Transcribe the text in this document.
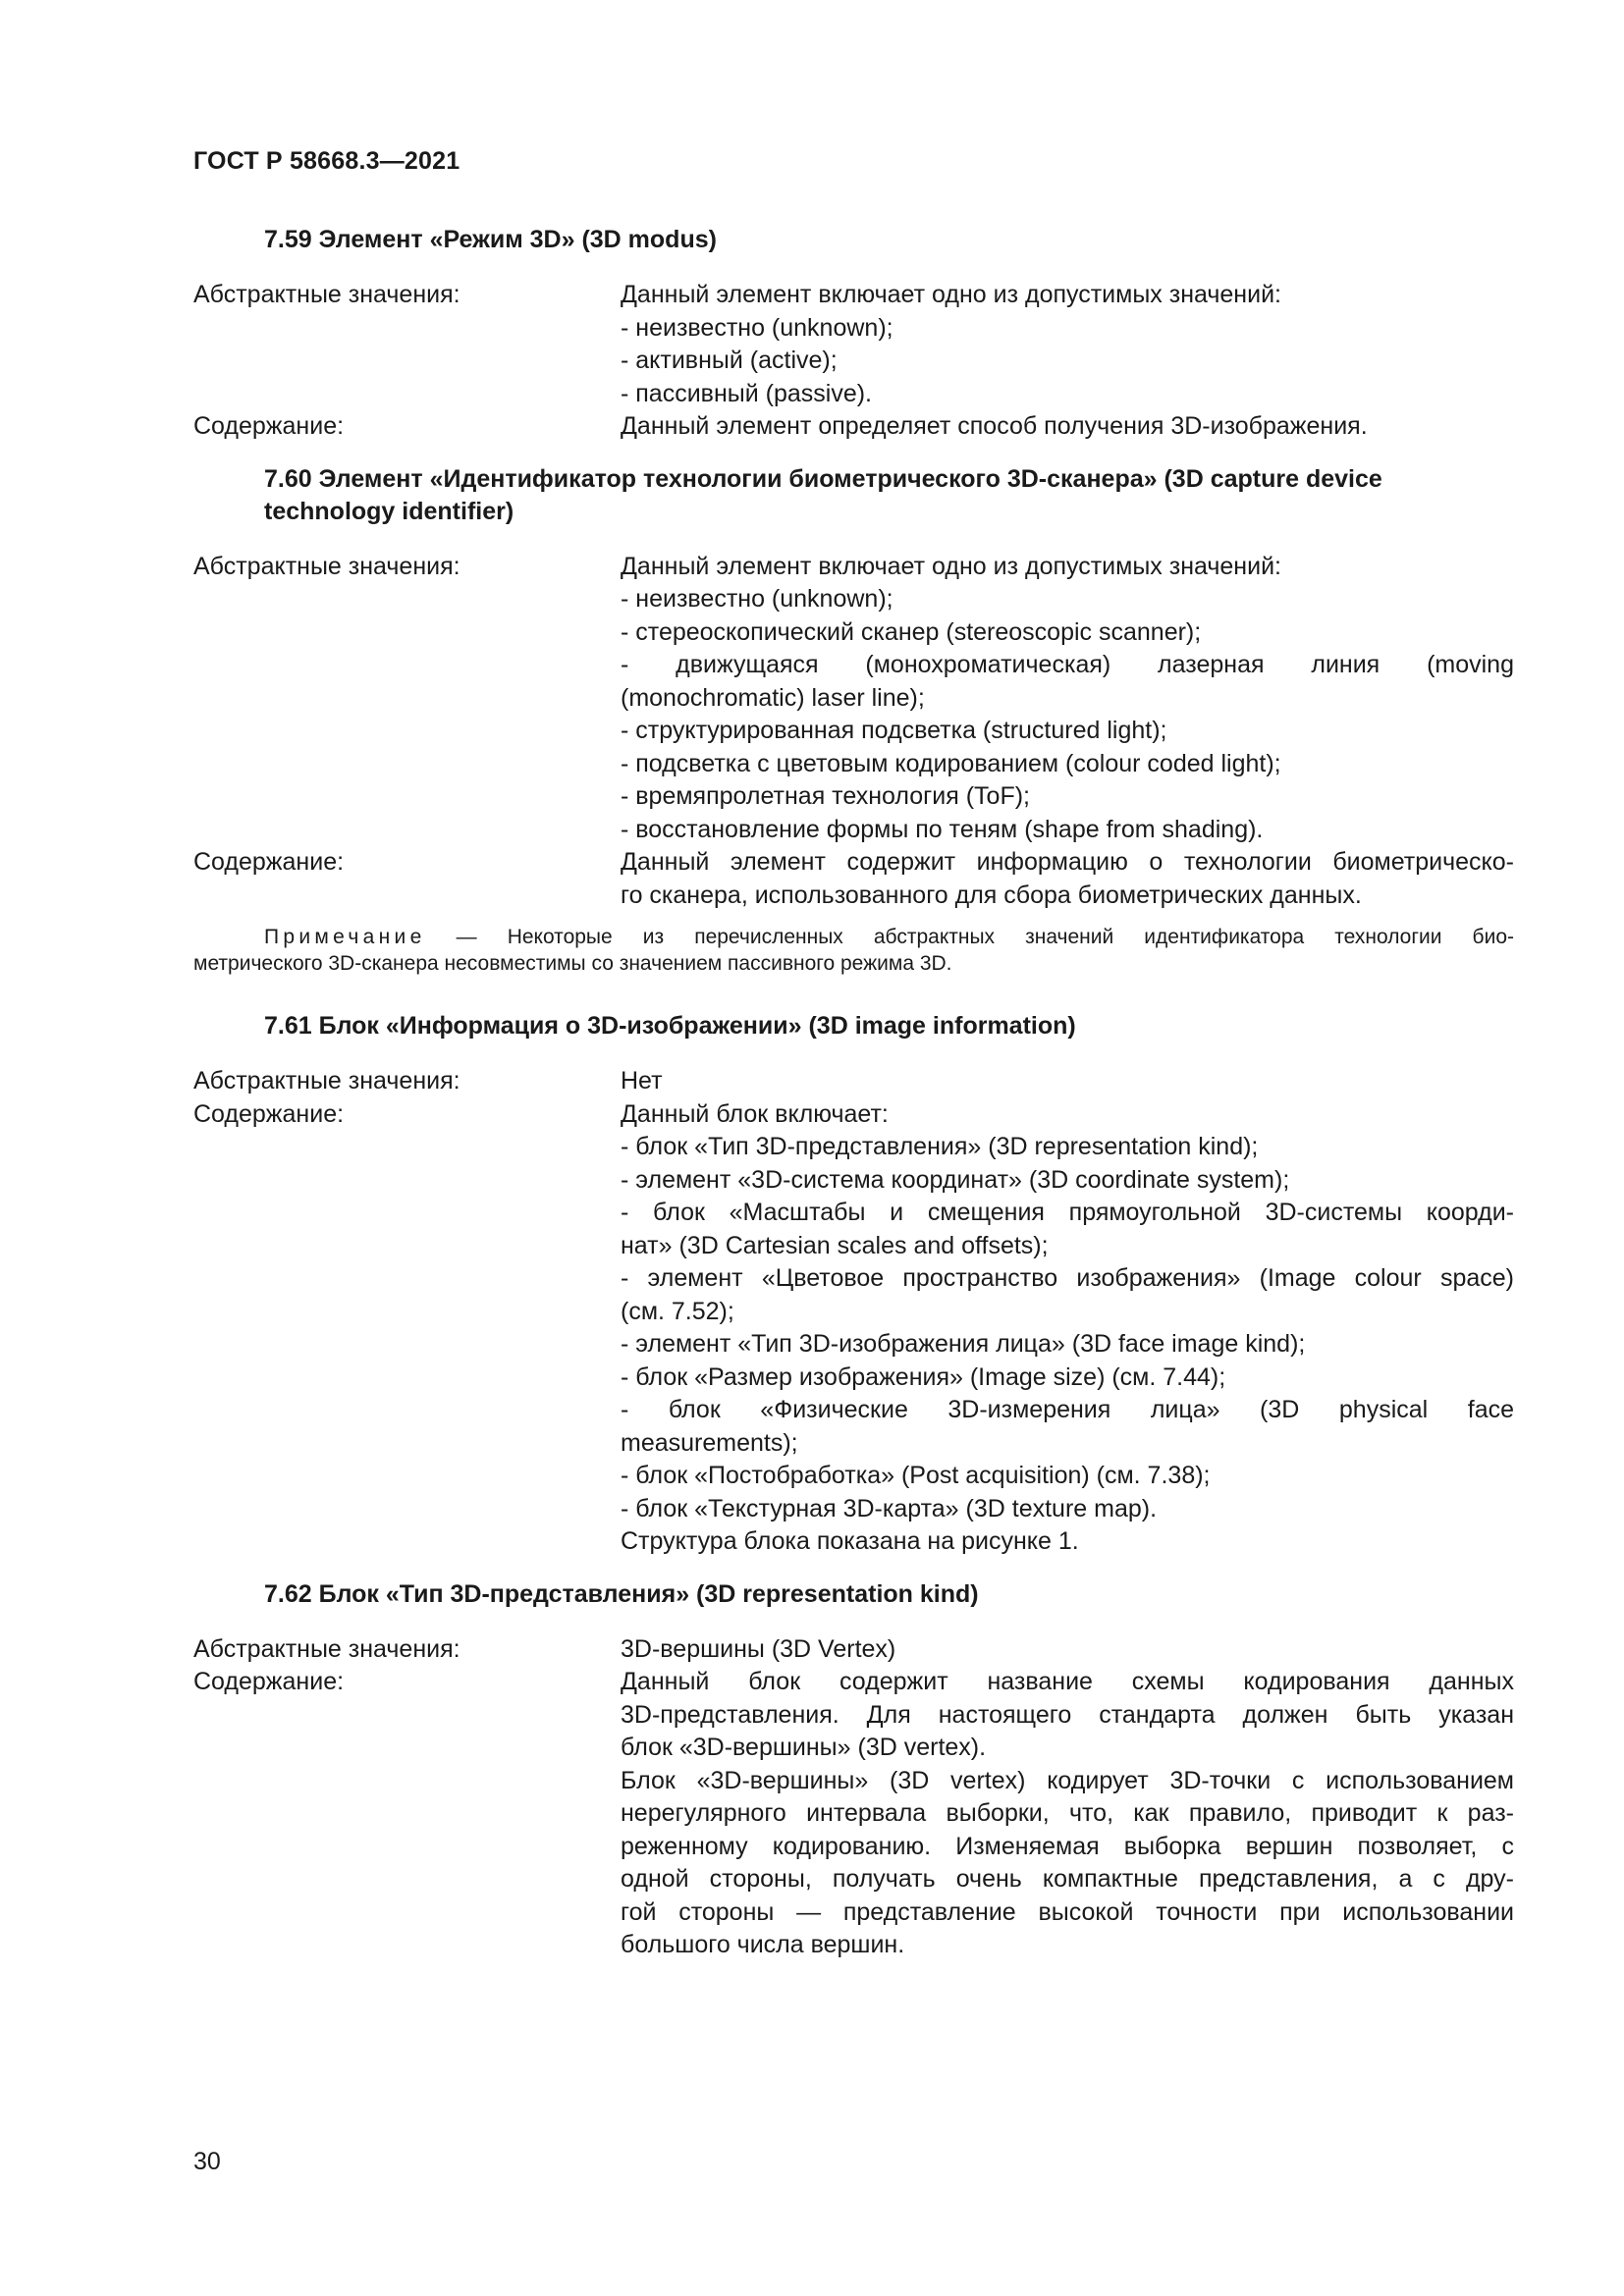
ГОСТ Р 58668.3—2021
7.59 Элемент «Режим 3D» (3D modus)
Абстрактные значения:	Данный элемент включает одно из допустимых значений:
- неизвестно (unknown);
- активный (active);
- пассивный (passive).
Содержание:	Данный элемент определяет способ получения 3D-изображения.
7.60 Элемент «Идентификатор технологии биометрического 3D-сканера» (3D capture device
technology identifier)
Абстрактные значения:	Данный элемент включает одно из допустимых значений:
- неизвестно (unknown);
- стереоскопический сканер (stereoscopic scanner);
- движущаяся (монохроматическая) лазерная линия (moving
(monochromatic) laser line);
- структурированная подсветка (structured light);
- подсветка с цветовым кодированием (colour coded light);
- времяпролетная технология (ToF);
- восстановление формы по теням (shape from shading).
Содержание:	Данный элемент содержит информацию о технологии биометрическо-
го сканера, использованного для сбора биометрических данных.
Примечание — Некоторые из перечисленных абстрактных значений идентификатора технологии био-
метрического 3D-сканера несовместимы со значением пассивного режима 3D.
7.61 Блок «Информация о 3D-изображении» (3D image information)
Абстрактные значения:	Нет
Содержание:	Данный блок включает:
- блок «Тип 3D-представления» (3D representation kind);
- элемент «3D-система координат» (3D coordinate system);
- блок «Масштабы и смещения прямоугольной 3D-системы коорди-
нат» (3D Cartesian scales and offsets);
- элемент «Цветовое пространство изображения» (Image colour space)
(см. 7.52);
- элемент «Тип 3D-изображения лица» (3D face image kind);
- блок «Размер изображения» (Image size) (см. 7.44);
- блок «Физические 3D-измерения лица» (3D physical face
measurements);
- блок «Постобработка» (Post acquisition) (см. 7.38);
- блок «Текстурная 3D-карта» (3D texture map).
Структура блока показана на рисунке 1.
7.62 Блок «Тип 3D-представления» (3D representation kind)
Абстрактные значения:	3D-вершины (3D Vertex)
Содержание:	Данный блок содержит название схемы кодирования данных
3D-представления. Для настоящего стандарта должен быть указан
блок «3D-вершины» (3D vertex).
Блок «3D-вершины» (3D vertex) кодирует 3D-точки с использованием
нерегулярного интервала выборки, что, как правило, приводит к раз-
реженному кодированию. Изменяемая выборка вершин позволяет, с
одной стороны, получать очень компактные представления, а с дру-
гой стороны — представление высокой точности при использовании
большого числа вершин.
30
